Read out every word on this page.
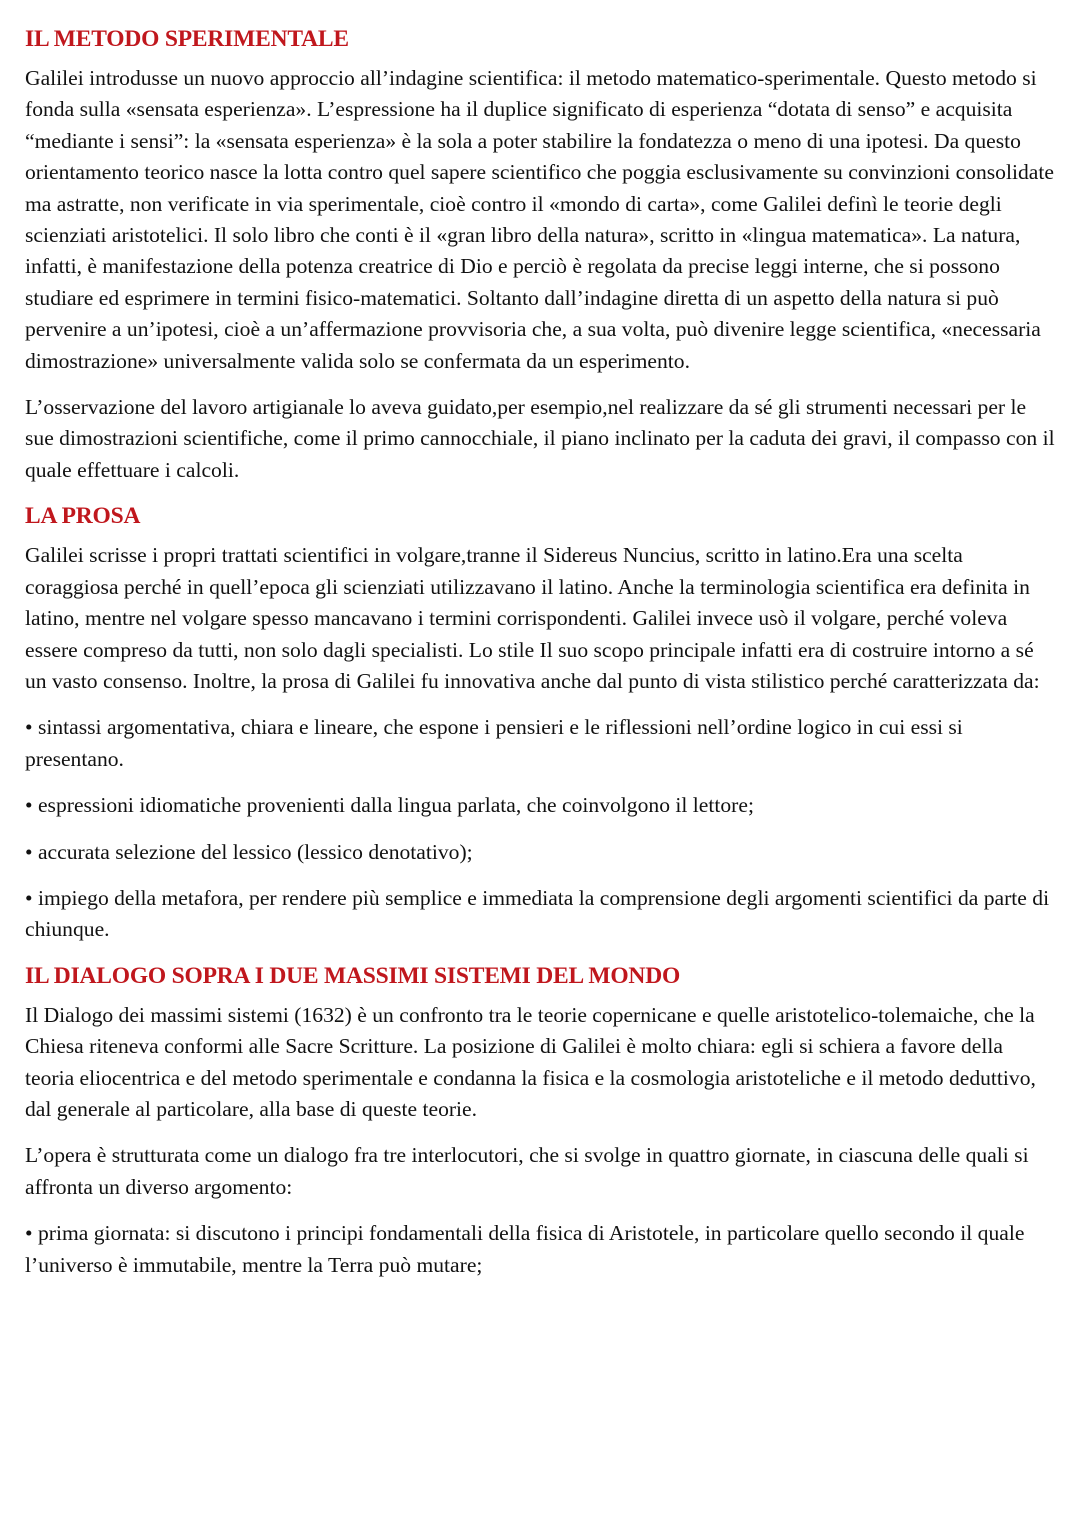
IL METODO SPERIMENTALE

Galilei introdusse un nuovo approccio all’indagine scientifica: il metodo matematico-sperimentale. Questo metodo si fonda sulla «sensata esperienza». L’espressione ha il duplice significato di esperienza “dotata di senso” e acquisita “mediante i sensi”: la «sensata esperienza» è la sola a poter stabilire la fondatezza o meno di una ipotesi. Da questo orientamento teorico nasce la lotta contro quel sapere scientifico che poggia esclusivamente su convinzioni consolidate ma astratte, non verificate in via sperimentale, cioè contro il «mondo di carta», come Galilei definì le teorie degli scienziati aristotelici. Il solo libro che conti è il «gran libro della natura», scritto in «lingua matematica». La natura, infatti, è manifestazione della potenza creatrice di Dio e perciò è regolata da precise leggi interne, che si possono studiare ed esprimere in termini fisico-matematici. Soltanto dall’indagine diretta di un aspetto della natura si può pervenire a un’ipotesi, cioè a un’affermazione provvisoria che, a sua volta, può divenire legge scientifica, «necessaria dimostrazione» universalmente valida solo se confermata da un esperimento.

L’osservazione del lavoro artigianale lo aveva guidato,per esempio,nel realizzare da sé gli strumenti necessari per le sue dimostrazioni scientifiche, come il primo cannocchiale, il piano inclinato per la caduta dei gravi, il compasso con il quale effettuare i calcoli.

LA PROSA

Galilei scrisse i propri trattati scientifici in volgare,tranne il Sidereus Nuncius, scritto in latino.Era una scelta coraggiosa perché in quell’epoca gli scienziati utilizzavano il latino. Anche la terminologia scientifica era definita in latino, mentre nel volgare spesso mancavano i termini corrispondenti. Galilei invece usò il volgare, perché voleva essere compreso da tutti, non solo dagli specialisti. Lo stile Il suo scopo principale infatti era di costruire intorno a sé un vasto consenso. Inoltre, la prosa di Galilei fu innovativa anche dal punto di vista stilistico perché caratterizzata da:

• sintassi argomentativa, chiara e lineare, che espone i pensieri e le riflessioni nell’ordine logico in cui essi si presentano.

• espressioni idiomatiche provenienti dalla lingua parlata, che coinvolgono il lettore;

• accurata selezione del lessico (lessico denotativo);

• impiego della metafora, per rendere più semplice e immediata la comprensione degli argomenti scientifici da parte di chiunque.

IL DIALOGO SOPRA I DUE MASSIMI SISTEMI DEL MONDO

Il Dialogo dei massimi sistemi (1632) è un confronto tra le teorie copernicane e quelle aristotelico-tolemaiche, che la Chiesa riteneva conformi alle Sacre Scritture. La posizione di Galilei è molto chiara: egli si schiera a favore della teoria eliocentrica e del metodo sperimentale e condanna la fisica e la cosmologia aristoteliche e il metodo deduttivo, dal generale al particolare, alla base di queste teorie.

L’opera è strutturata come un dialogo fra tre interlocutori, che si svolge in quattro giornate, in ciascuna delle quali si affronta un diverso argomento:

• prima giornata: si discutono i principi fondamentali della fisica di Aristotele, in particolare quello secondo il quale l’universo è immutabile, mentre la Terra può mutare;
